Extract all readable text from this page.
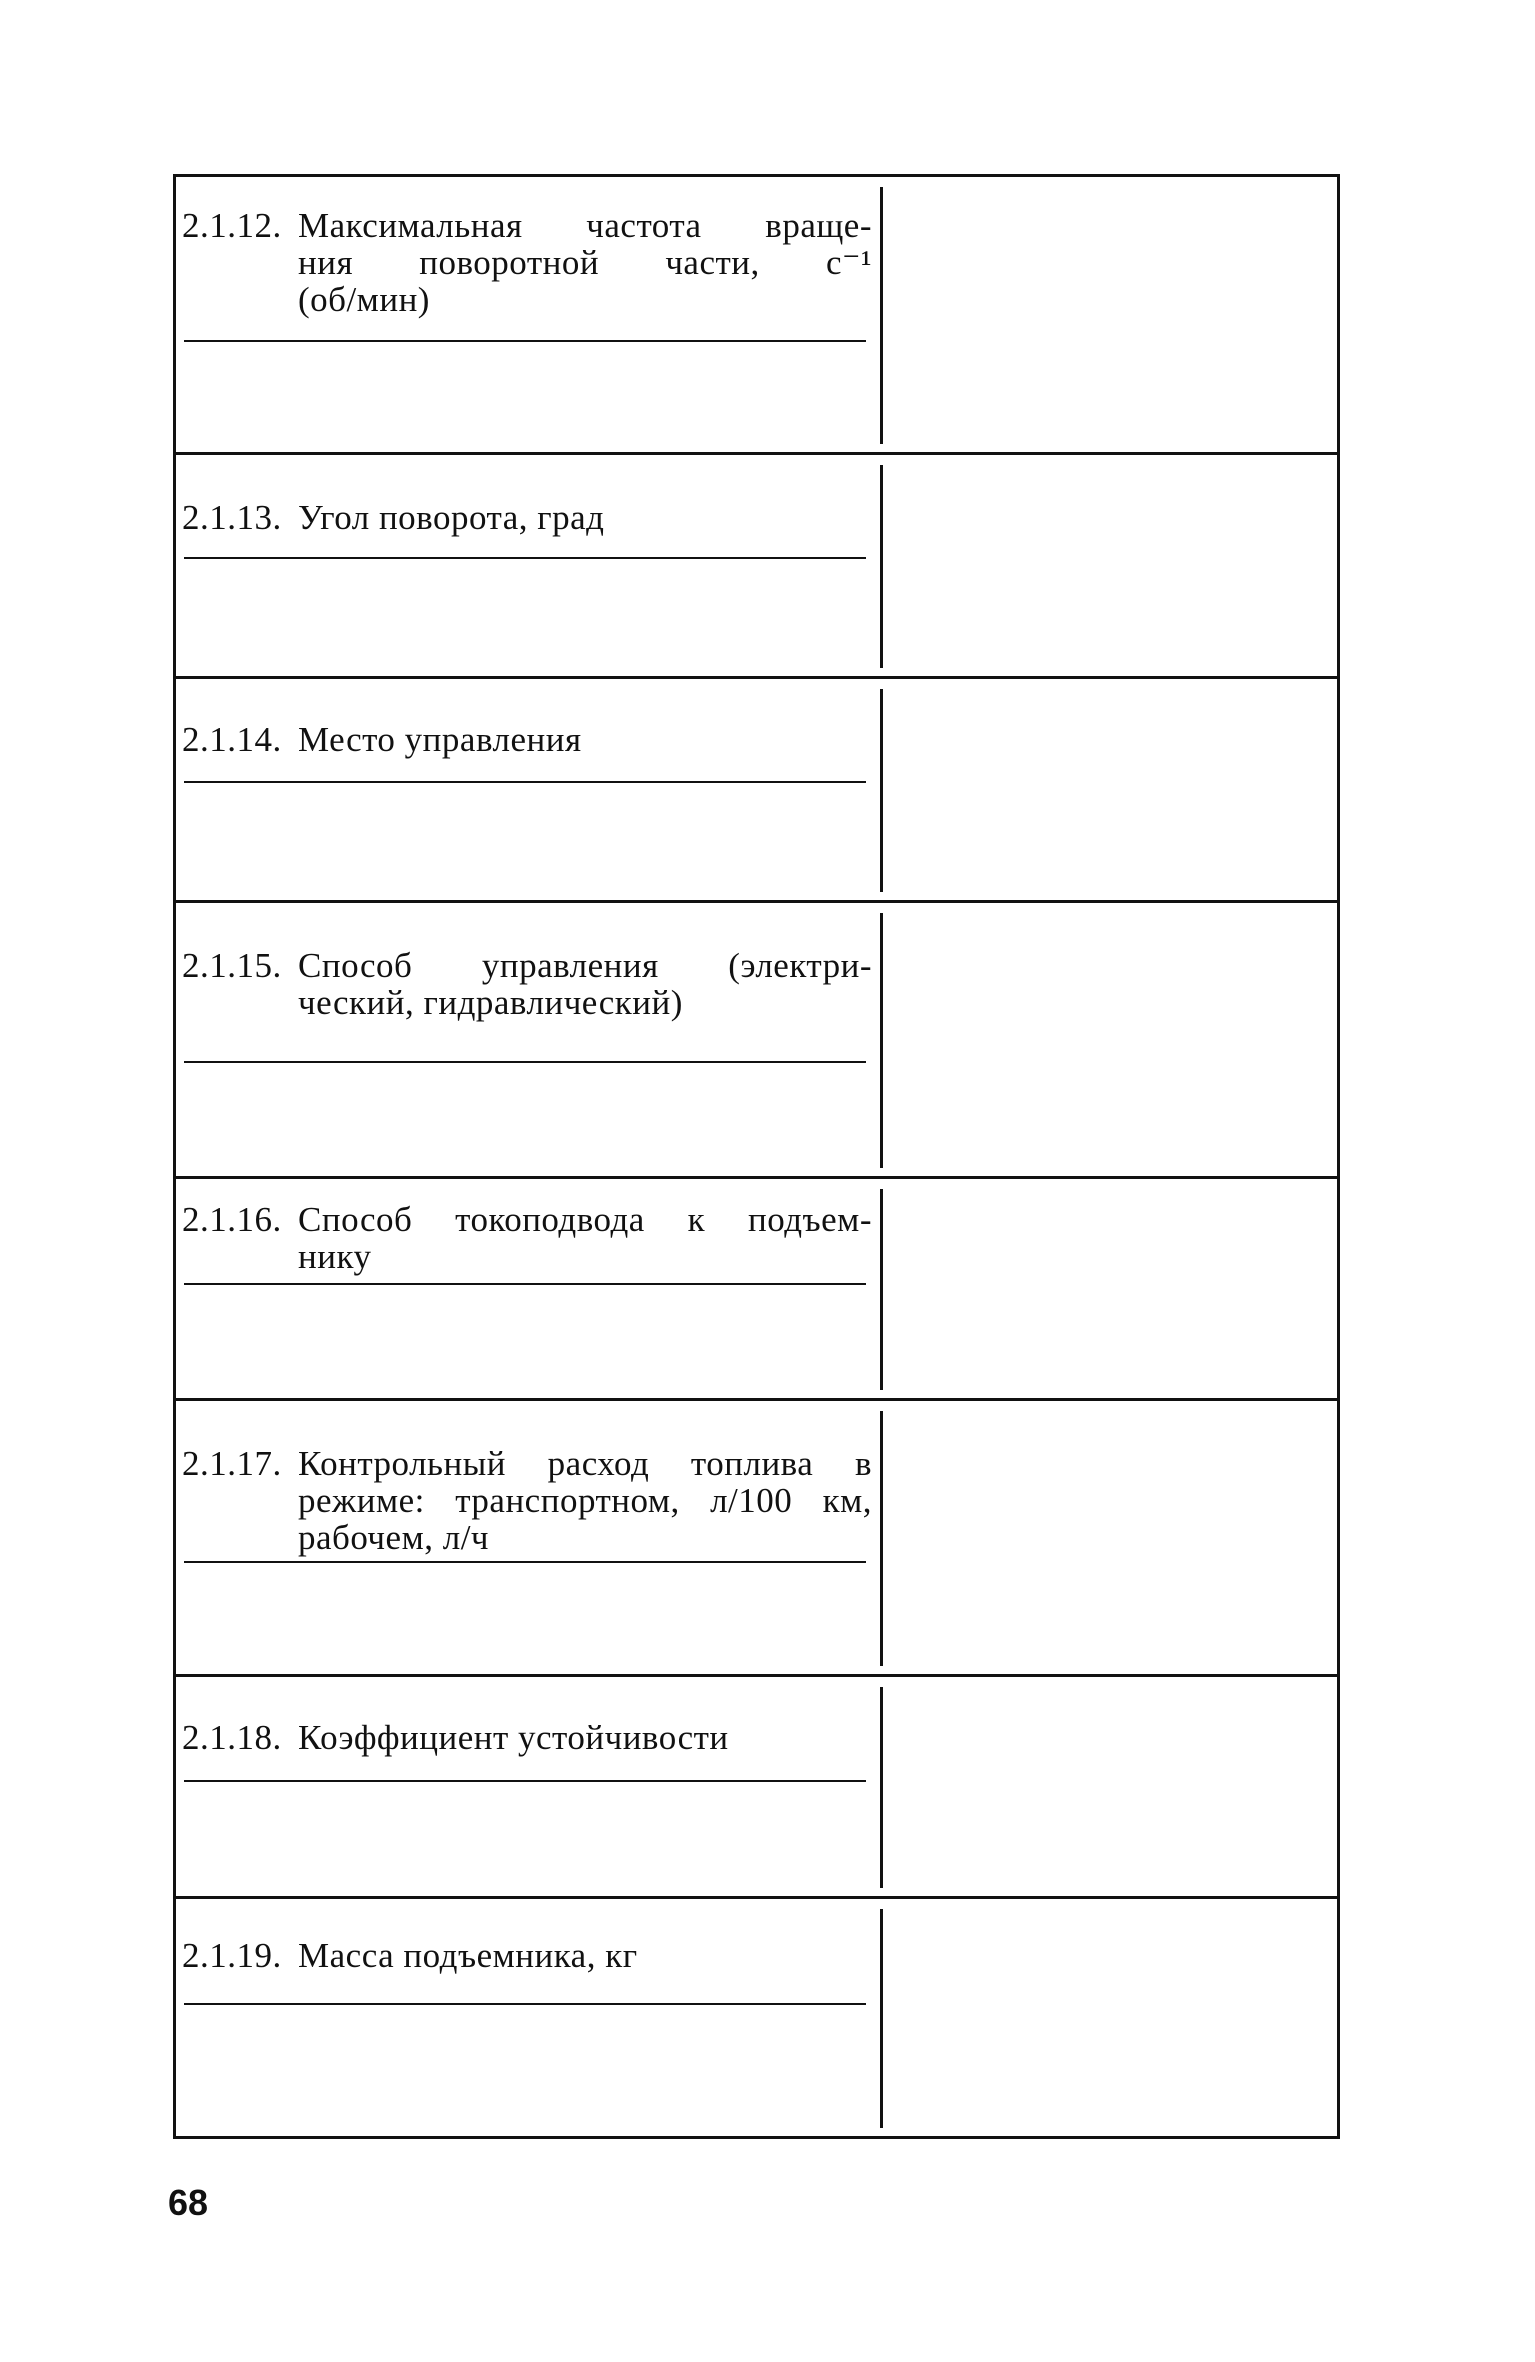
2.1.12. Максимальная частота враще-
ния поворотной части, с⁻¹
(об/мин)
2.1.13. Угол поворота, град
2.1.14. Место управления
2.1.15. Способ управления (электри-
ческий, гидравлический)
2.1.16. Способ токоподвода к подъем-
нику
2.1.17. Контрольный расход топлива в
режиме: транспортном, л/100 км,
рабочем, л/ч
2.1.18. Коэффициент устойчивости
2.1.19. Масса подъемника, кг
68
